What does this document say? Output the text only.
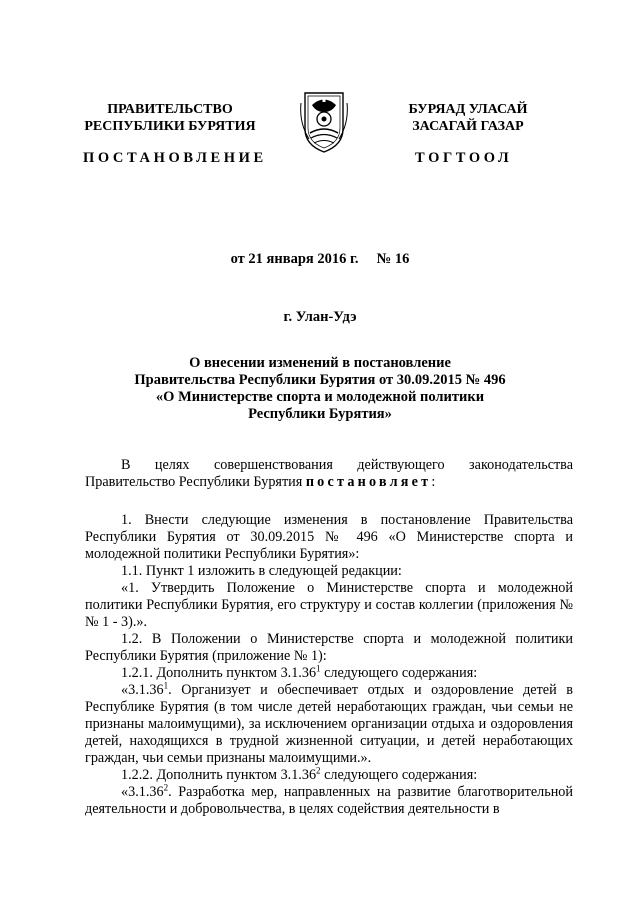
ПРАВИТЕЛЬСТВО
РЕСПУБЛИКИ БУРЯТИЯ
ПОСТАНОВЛЕНИЕ
БУРЯАД УЛАСАЙ
ЗАСАГАЙ ГАЗАР
ТОГТООЛ
от 21 января 2016 г.     № 16
г. Улан-Удэ
О внесении изменений в постановление
Правительства Республики Бурятия от 30.09.2015 № 496
«О Министерстве спорта и молодежной политики
Республики Бурятия»

В целях совершенствования действующего законодательства Правительство Республики Бурятия постановляет:

1. Внести следующие изменения в постановление Правительства Республики Бурятия от 30.09.2015 № 496 «О Министерстве спорта и молодежной политики Республики Бурятия»:

1.1. Пункт 1 изложить в следующей редакции:

«1. Утвердить Положение о Министерстве спорта и молодежной политики Республики Бурятия, его структуру и состав коллегии (приложения №№ 1 - 3).».

1.2. В Положении о Министерстве спорта и молодежной политики Республики Бурятия (приложение № 1):

1.2.1. Дополнить пунктом 3.1.36$^1$ следующего содержания:

«3.1.36$^1$. Организует и обеспечивает отдых и оздоровление детей в Республике Бурятия (в том числе детей неработающих граждан, чьи семьи не признаны малоимущими), за исключением организации отдыха и оздоровления детей, находящихся в трудной жизненной ситуации, и детей неработающих граждан, чьи семьи признаны малоимущими.».

1.2.2. Дополнить пунктом 3.1.36$^2$ следующего содержания:

«3.1.36$^2$. Разработка мер, направленных на развитие благотворительной деятельности и добровольчества, в целях содействия деятельности в
